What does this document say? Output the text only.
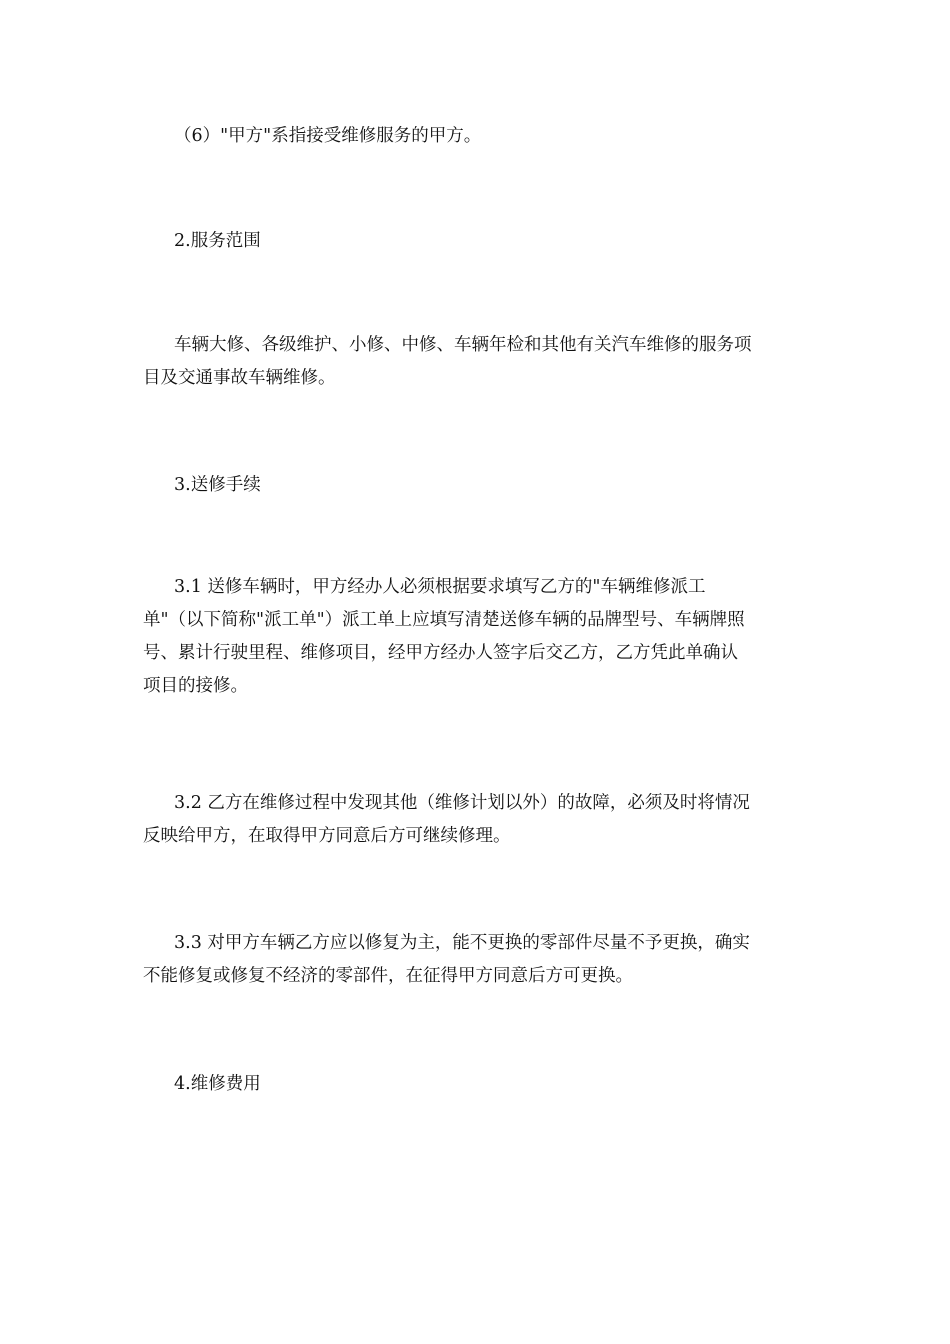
（6）"甲方"系指接受维修服务的甲方。

2.服务范围

车辆大修、各级维护、小修、中修、车辆年检和其他有关汽车维修的服务项
目及交通事故车辆维修。

3.送修手续

3.1 送修车辆时，甲方经办人必须根据要求填写乙方的"车辆维修派工
单"（以下简称"派工单"）派工单上应填写清楚送修车辆的品牌型号、车辆牌照
号、累计行驶里程、维修项目，经甲方经办人签字后交乙方，乙方凭此单确认
项目的接修。

3.2 乙方在维修过程中发现其他（维修计划以外）的故障，必须及时将情况
反映给甲方，在取得甲方同意后方可继续修理。

3.3 对甲方车辆乙方应以修复为主，能不更换的零部件尽量不予更换，确实
不能修复或修复不经济的零部件，在征得甲方同意后方可更换。

4.维修费用
